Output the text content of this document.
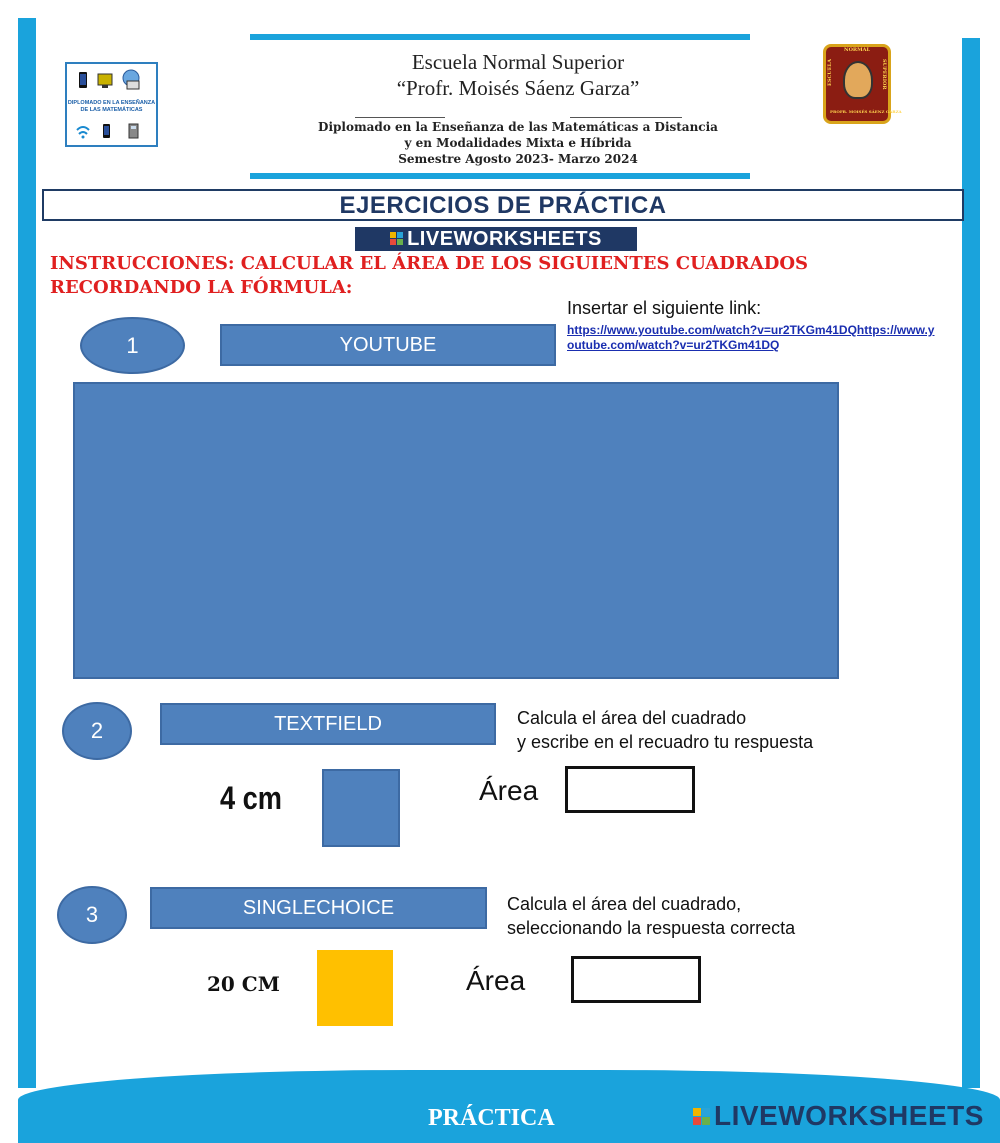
Escuela Normal Superior
“Profr. Moisés Sáenz Garza”
Diplomado en la Enseñanza de las Matemáticas a Distancia
y en Modalidades Mixta e Híbrida
Semestre Agosto 2023- Marzo 2024
DIPLOMADO EN LA ENSEÑANZA DE LAS MATEMÁTICAS
NORMAL
ESCUELA	SUPERIOR
PROFR. MOISÉS SÁENZ GARZA
EJERCICIOS DE PRÁCTICA
LIVEWORKSHEETS
INSTRUCCIONES: CALCULAR EL ÁREA DE LOS SIGUIENTES CUADRADOS RECORDANDO LA FÓRMULA:
1	YOUTUBE
Insertar el siguiente link:
https://www.youtube.com/watch?v=ur2TKGm41DQhttps://www.youtube.com/watch?v=ur2TKGm41DQ
2	TEXTFIELD	Calcula el área del cuadrado
y escribe en el recuadro tu respuesta
4 cm	Área
3	SINGLECHOICE	Calcula el área del cuadrado,
seleccionando la respuesta correcta
20 CM	Área
PRÁCTICA	LIVEWORKSHEETS
